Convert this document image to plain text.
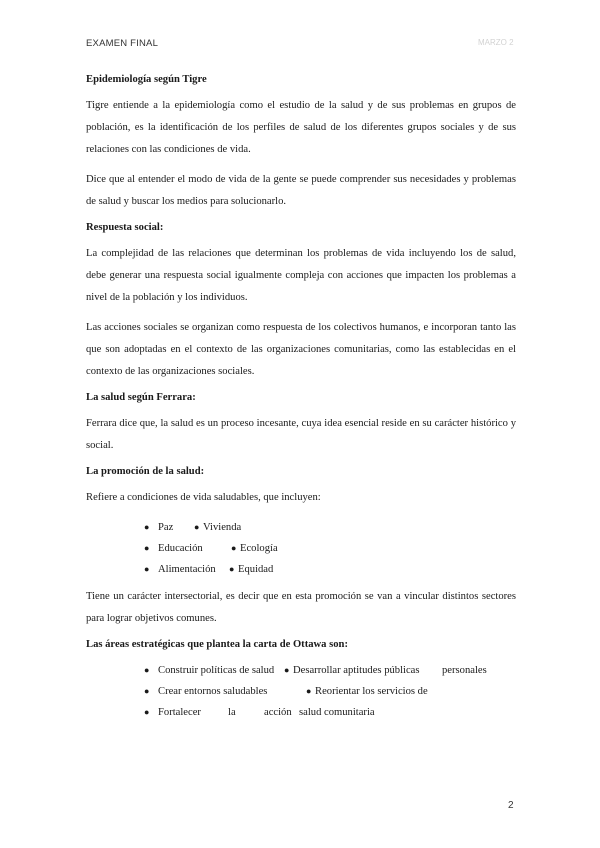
EXAMEN FINAL	MARZO 2
Epidemiología según Tigre

Tigre entiende a la epidemiología como el estudio de la salud y de sus problemas en grupos de población, es la identificación de los perfiles de salud de los diferentes grupos sociales y de sus relaciones con las condiciones de vida.

Dice que al entender el modo de vida de la gente se puede comprender sus necesidades y problemas de salud y buscar los medios para solucionarlo.

Respuesta social:

La complejidad de las relaciones que determinan los problemas de vida incluyendo los de salud, debe generar una respuesta social igualmente compleja con acciones que impacten los problemas a nivel de la población y los individuos.

Las acciones sociales se organizan como respuesta de los colectivos humanos, e incorporan tanto las que son adoptadas en el contexto de las organizaciones comunitarias, como las establecidas en el contexto de las organizaciones sociales.

La salud según Ferrara:

Ferrara dice que, la salud es un proceso incesante, cuya idea esencial reside en su carácter histórico y social.

La promoción de la salud:

Refiere a condiciones de vida saludables, que incluyen:

● Paz ● Vivienda
● Educación	● Ecología
● Alimentación ● Equidad

Tiene un carácter intersectorial, es decir que en esta promoción se van a vincular distintos sectores para lograr objetivos comunes.

Las áreas estratégicas que plantea la carta de Ottawa son:
● Construir políticas de salud ● Desarrollar aptitudes públicas personales
● Crear entornos saludables	● Reorientar los servicios de
● Fortalecer	la	acción salud comunitaria
2
